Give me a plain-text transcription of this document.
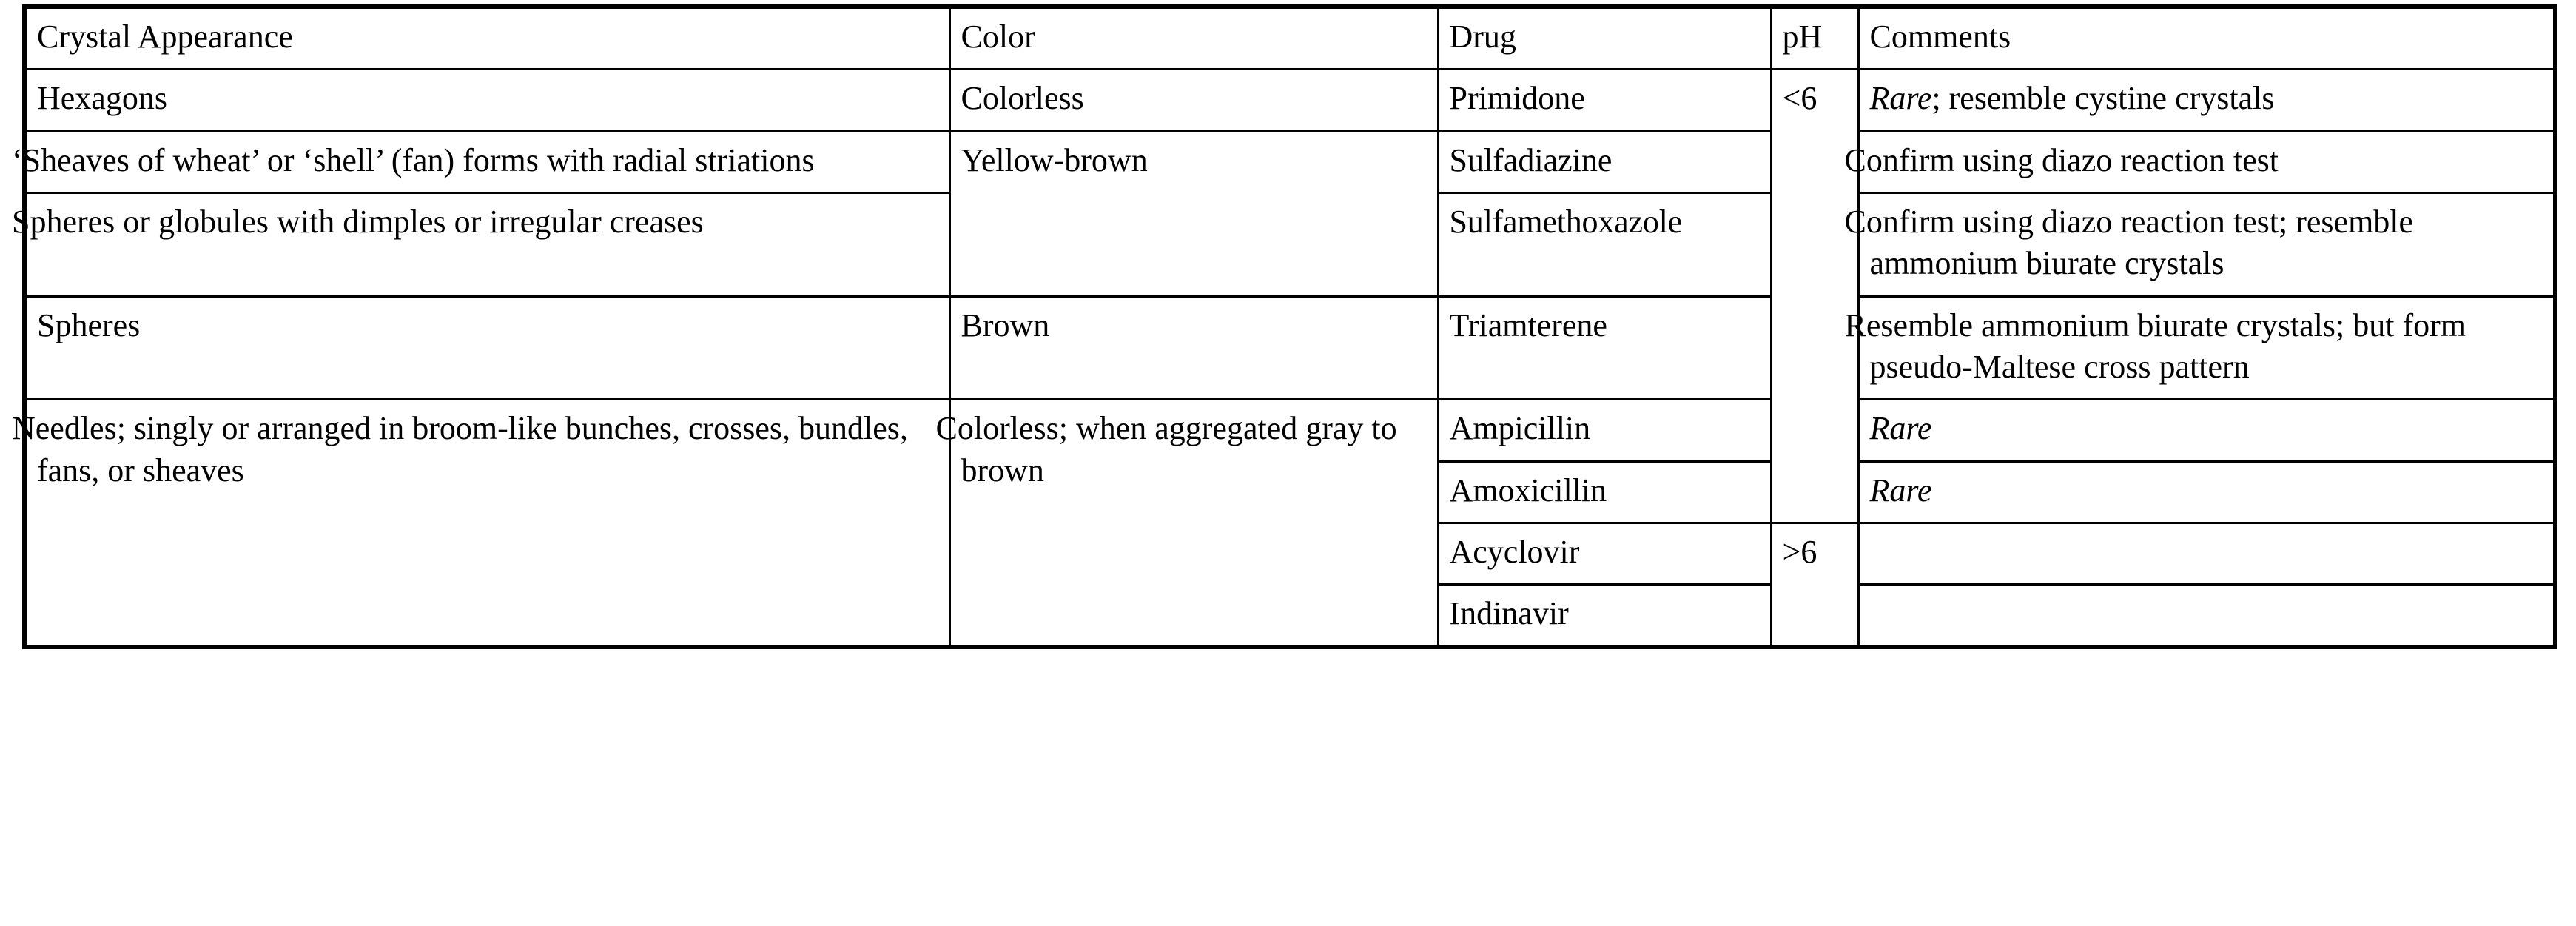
Crystal Appearance	Color	Drug	pH	Comments
Hexagons	Colorless	Primidone	<6	Rare; resemble cystine crystals
‘Sheaves of wheat’ or ‘shell’ (fan) forms with radial striations	Yellow-brown	Sulfadiazine		Confirm using diazo reaction test
Spheres or globules with dimples or irregular creases		Sulfamethoxazole		Confirm using diazo reaction test; resemble ammonium biurate crystals
Spheres	Brown	Triamterene		Resemble ammonium biurate crystals; but form pseudo-Maltese cross pattern
Needles; singly or arranged in broom-like bunches, crosses, bundles, fans, or sheaves	Colorless; when aggregated gray to brown	Ampicillin		Rare
		Amoxicillin		Rare
		Acyclovir	>6	
		Indinavir		
